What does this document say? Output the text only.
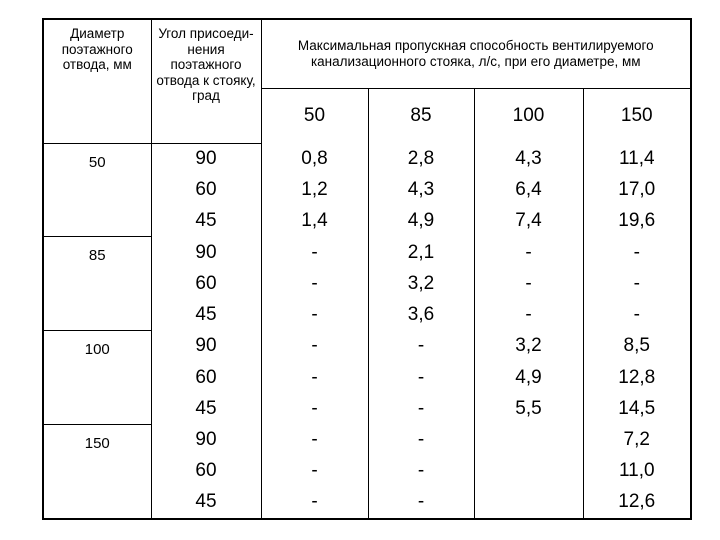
Диаметр поэтажного отвода, мм	Угол присоеди- нения поэтажного отвода к стояку, град	Максимальная пропускная способность вентилируемого канализационного стояка, л/с, при его диаметре, мм			
		50	85	100	150
50	90	0,8	2,8	4,3	11,4
	60	1,2	4,3	6,4	17,0
	45	1,4	4,9	7,4	19,6
85	90	-	2,1	-	-
	60	-	3,2	-	-
	45	-	3,6	-	-
100	90	-	-	3,2	8,5
	60	-	-	4,9	12,8
	45	-	-	5,5	14,5
150	90	-	-		7,2
	60	-	-		11,0
	45	-	-		12,6
